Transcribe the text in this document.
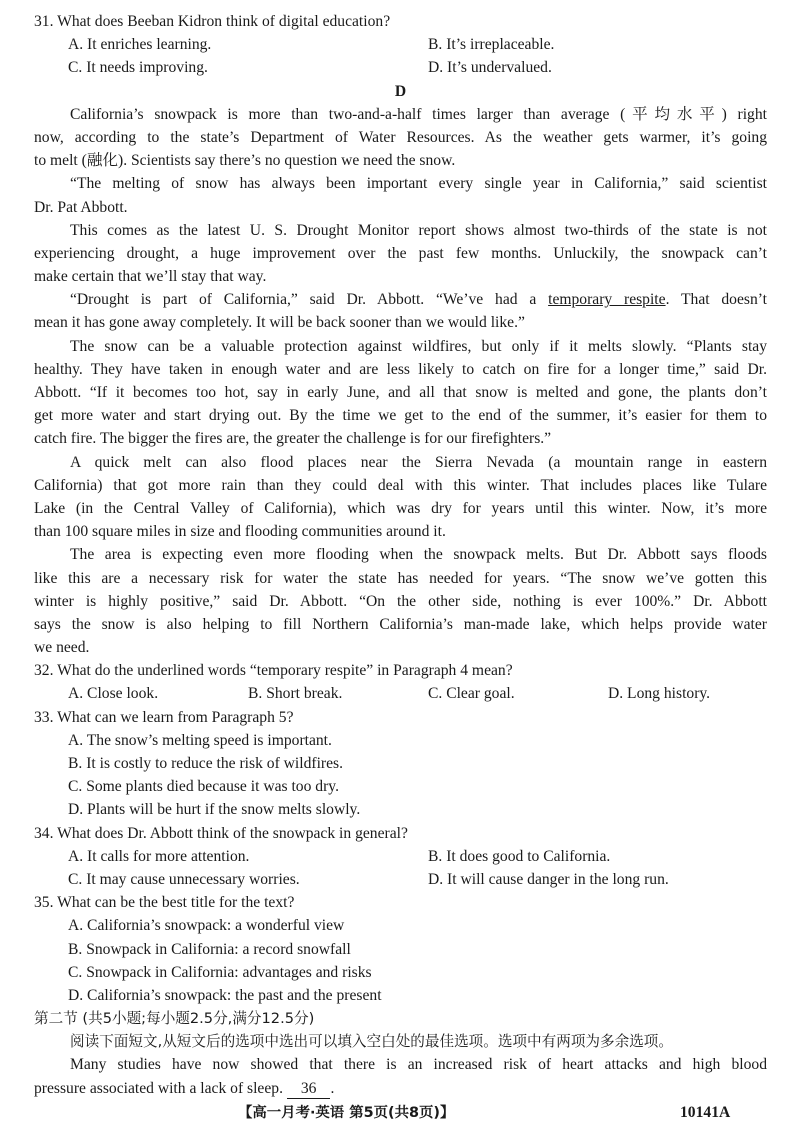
31. What does Beeban Kidron think of digital education?
A. It enriches learning.	B. It’s irreplaceable.
C. It needs improving.	D. It’s undervalued.
D
California’s snowpack is more than two-and-a-half times larger than average (平均水平) right
now, according to the state’s Department of Water Resources. As the weather gets warmer, it’s going
to melt (融化). Scientists say there’s no question we need the snow.
“The melting of snow has always been important every single year in California,” said scientist
Dr. Pat Abbott.
This comes as the latest U. S. Drought Monitor report shows almost two-thirds of the state is not
experiencing drought, a huge improvement over the past few months. Unluckily, the snowpack can’t
make certain that we’ll stay that way.
“Drought is part of California,” said Dr. Abbott. “We’ve had a temporary respite. That doesn’t
mean it has gone away completely. It will be back sooner than we would like.”
The snow can be a valuable protection against wildfires, but only if it melts slowly. “Plants stay
healthy. They have taken in enough water and are less likely to catch on fire for a longer time,” said Dr.
Abbott. “If it becomes too hot, say in early June, and all that snow is melted and gone, the plants don’t
get more water and start drying out. By the time we get to the end of the summer, it’s easier for them to
catch fire. The bigger the fires are, the greater the challenge is for our firefighters.”
A quick melt can also flood places near the Sierra Nevada (a mountain range in eastern
California) that got more rain than they could deal with this winter. That includes places like Tulare
Lake (in the Central Valley of California), which was dry for years until this winter. Now, it’s more
than 100 square miles in size and flooding communities around it.
The area is expecting even more flooding when the snowpack melts. But Dr. Abbott says floods
like this are a necessary risk for water the state has needed for years. “The snow we’ve gotten this
winter is highly positive,” said Dr. Abbott. “On the other side, nothing is ever 100%.” Dr. Abbott
says the snow is also helping to fill Northern California’s man-made lake, which helps provide water
we need.
32. What do the underlined words “temporary respite” in Paragraph 4 mean?
A. Close look.	B. Short break.	C. Clear goal.	D. Long history.
33. What can we learn from Paragraph 5?
A. The snow’s melting speed is important.
B. It is costly to reduce the risk of wildfires.
C. Some plants died because it was too dry.
D. Plants will be hurt if the snow melts slowly.
34. What does Dr. Abbott think of the snowpack in general?
A. It calls for more attention.	B. It does good to California.
C. It may cause unnecessary worries.	D. It will cause danger in the long run.
35. What can be the best title for the text?
A. California’s snowpack: a wonderful view
B. Snowpack in California: a record snowfall
C. Snowpack in California: advantages and risks
D. California’s snowpack: the past and the present
第二节 (共5小题;每小题2.5分,满分12.5分)
阅读下面短文,从短文后的选项中选出可以填入空白处的最佳选项。选项中有两项为多余选项。
Many studies have now showed that there is an increased risk of heart attacks and high blood
pressure associated with a lack of sleep. 36 .
【高一月考·英语 第5页(共8页)】	10141A
